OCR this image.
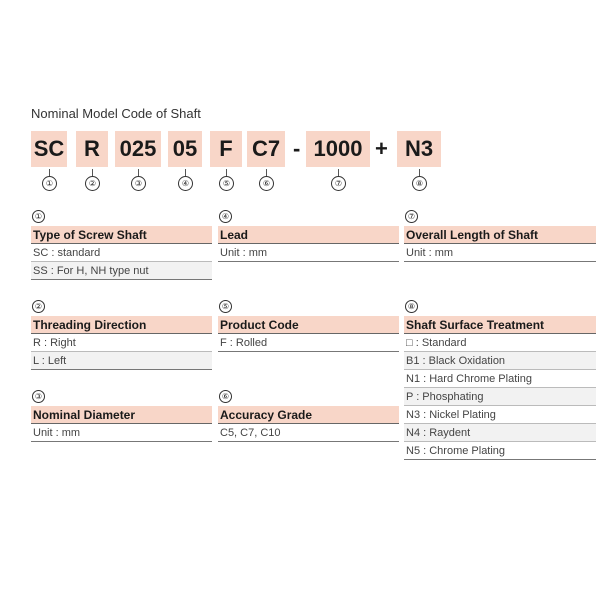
Nominal Model Code of Shaft
SC R 025 05	F C7 - 1000 + N3
①	②	③	④	⑤	⑥	⑦	⑧
①
Type of Screw Shaft
SC : standard
SS : For H, NH type nut
④
Lead
Unit : mm
⑦
Overall Length of Shaft
Unit : mm
②
Threading Direction
R : Right
L : Left
⑤
Product Code
F : Rolled
⑧
Shaft Surface Treatment
□ : Standard
B1 : Black Oxidation
N1 : Hard Chrome Plating
P : Phosphating
N3 : Nickel Plating
N4 : Raydent
N5 : Chrome Plating
③
Nominal Diameter
Unit : mm
⑥
Accuracy Grade
C5, C7, C10
